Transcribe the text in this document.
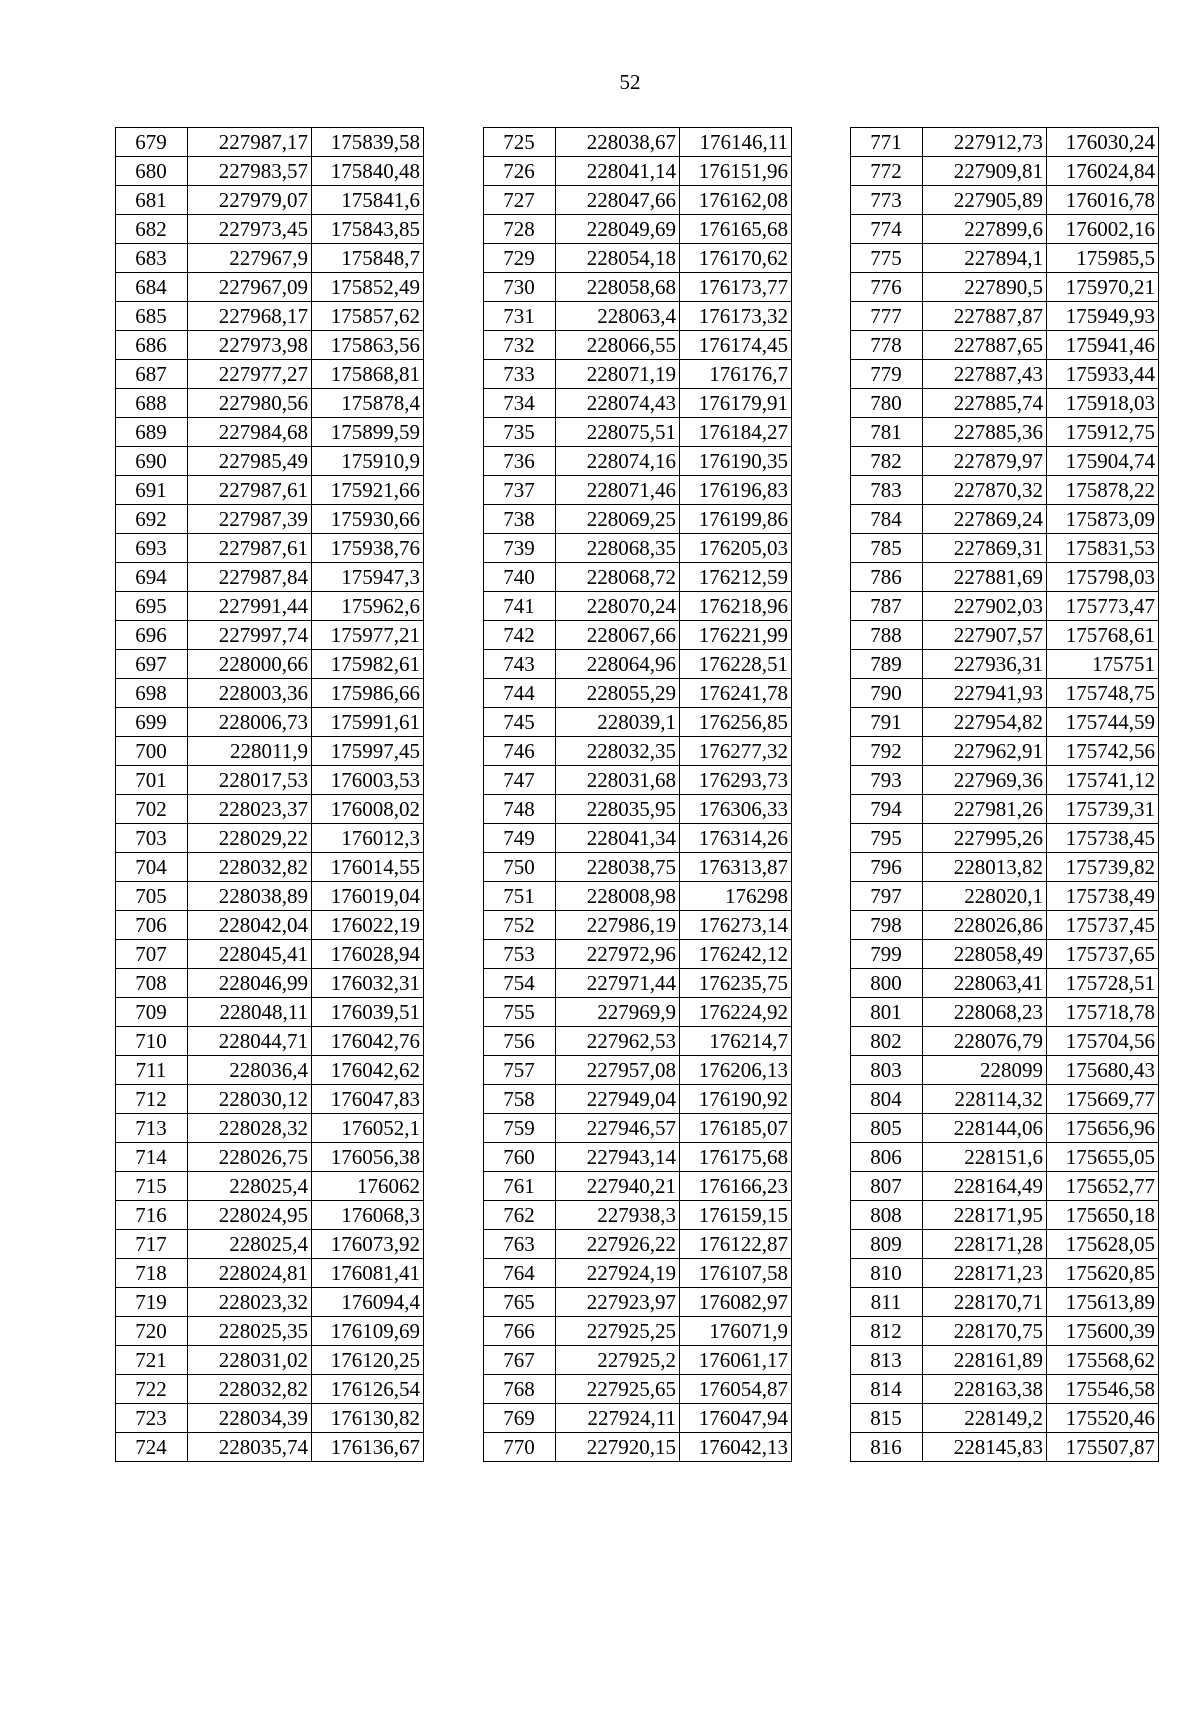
52
679	227987,17	175839,58
680	227983,57	175840,48
681	227979,07	175841,6
682	227973,45	175843,85
683	227967,9	175848,7
684	227967,09	175852,49
685	227968,17	175857,62
686	227973,98	175863,56
687	227977,27	175868,81
688	227980,56	175878,4
689	227984,68	175899,59
690	227985,49	175910,9
691	227987,61	175921,66
692	227987,39	175930,66
693	227987,61	175938,76
694	227987,84	175947,3
695	227991,44	175962,6
696	227997,74	175977,21
697	228000,66	175982,61
698	228003,36	175986,66
699	228006,73	175991,61
700	228011,9	175997,45
701	228017,53	176003,53
702	228023,37	176008,02
703	228029,22	176012,3
704	228032,82	176014,55
705	228038,89	176019,04
706	228042,04	176022,19
707	228045,41	176028,94
708	228046,99	176032,31
709	228048,11	176039,51
710	228044,71	176042,76
711	228036,4	176042,62
712	228030,12	176047,83
713	228028,32	176052,1
714	228026,75	176056,38
715	228025,4	176062
716	228024,95	176068,3
717	228025,4	176073,92
718	228024,81	176081,41
719	228023,32	176094,4
720	228025,35	176109,69
721	228031,02	176120,25
722	228032,82	176126,54
723	228034,39	176130,82
724	228035,74	176136,67
725	228038,67	176146,11
726	228041,14	176151,96
727	228047,66	176162,08
728	228049,69	176165,68
729	228054,18	176170,62
730	228058,68	176173,77
731	228063,4	176173,32
732	228066,55	176174,45
733	228071,19	176176,7
734	228074,43	176179,91
735	228075,51	176184,27
736	228074,16	176190,35
737	228071,46	176196,83
738	228069,25	176199,86
739	228068,35	176205,03
740	228068,72	176212,59
741	228070,24	176218,96
742	228067,66	176221,99
743	228064,96	176228,51
744	228055,29	176241,78
745	228039,1	176256,85
746	228032,35	176277,32
747	228031,68	176293,73
748	228035,95	176306,33
749	228041,34	176314,26
750	228038,75	176313,87
751	228008,98	176298
752	227986,19	176273,14
753	227972,96	176242,12
754	227971,44	176235,75
755	227969,9	176224,92
756	227962,53	176214,7
757	227957,08	176206,13
758	227949,04	176190,92
759	227946,57	176185,07
760	227943,14	176175,68
761	227940,21	176166,23
762	227938,3	176159,15
763	227926,22	176122,87
764	227924,19	176107,58
765	227923,97	176082,97
766	227925,25	176071,9
767	227925,2	176061,17
768	227925,65	176054,87
769	227924,11	176047,94
770	227920,15	176042,13
771	227912,73	176030,24
772	227909,81	176024,84
773	227905,89	176016,78
774	227899,6	176002,16
775	227894,1	175985,5
776	227890,5	175970,21
777	227887,87	175949,93
778	227887,65	175941,46
779	227887,43	175933,44
780	227885,74	175918,03
781	227885,36	175912,75
782	227879,97	175904,74
783	227870,32	175878,22
784	227869,24	175873,09
785	227869,31	175831,53
786	227881,69	175798,03
787	227902,03	175773,47
788	227907,57	175768,61
789	227936,31	175751
790	227941,93	175748,75
791	227954,82	175744,59
792	227962,91	175742,56
793	227969,36	175741,12
794	227981,26	175739,31
795	227995,26	175738,45
796	228013,82	175739,82
797	228020,1	175738,49
798	228026,86	175737,45
799	228058,49	175737,65
800	228063,41	175728,51
801	228068,23	175718,78
802	228076,79	175704,56
803	228099	175680,43
804	228114,32	175669,77
805	228144,06	175656,96
806	228151,6	175655,05
807	228164,49	175652,77
808	228171,95	175650,18
809	228171,28	175628,05
810	228171,23	175620,85
811	228170,71	175613,89
812	228170,75	175600,39
813	228161,89	175568,62
814	228163,38	175546,58
815	228149,2	175520,46
816	228145,83	175507,87
